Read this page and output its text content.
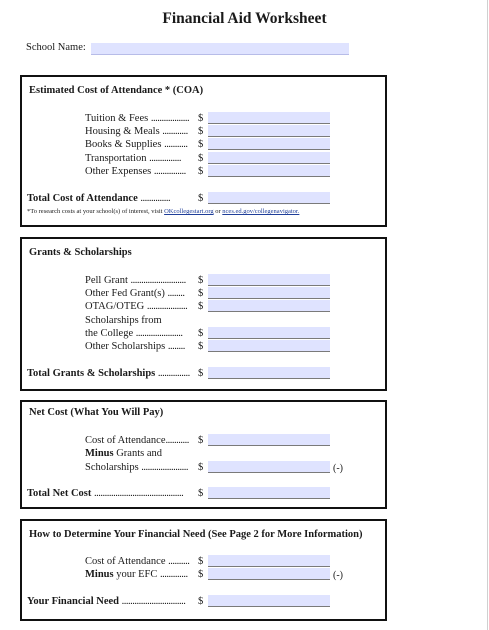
Financial Aid Worksheet
School Name:
Estimated Cost of Attendance * (COA)
Tuition & Fees .................. $
Housing & Meals ............ $
Books & Supplies ........... $
Transportation ............... $
Other Expenses ............... $
Total Cost of Attendance ..............	$
*To research costs at your school(s) of interest, visit OKcollegestart.org or nces.ed.gov/collegenavigator.
Grants & Scholarships
Pell Grant .......................... $
Other Fed Grant(s) ........ $
OTAG/OTEG ................... $
Scholarships from
the College ...................... $
Other Scholarships ........ $
Total Grants & Scholarships ............... $
Net Cost (What You Will Pay)
Cost of Attendance........... $
Minus Grants and
Scholarships ...................... $	(-)
Total Net Cost .......................................... $
How to Determine Your Financial Need (See Page 2 for More Information)
Cost of Attendance .......... $
Minus your EFC ............. $	(-)
Your Financial Need .............................. $
